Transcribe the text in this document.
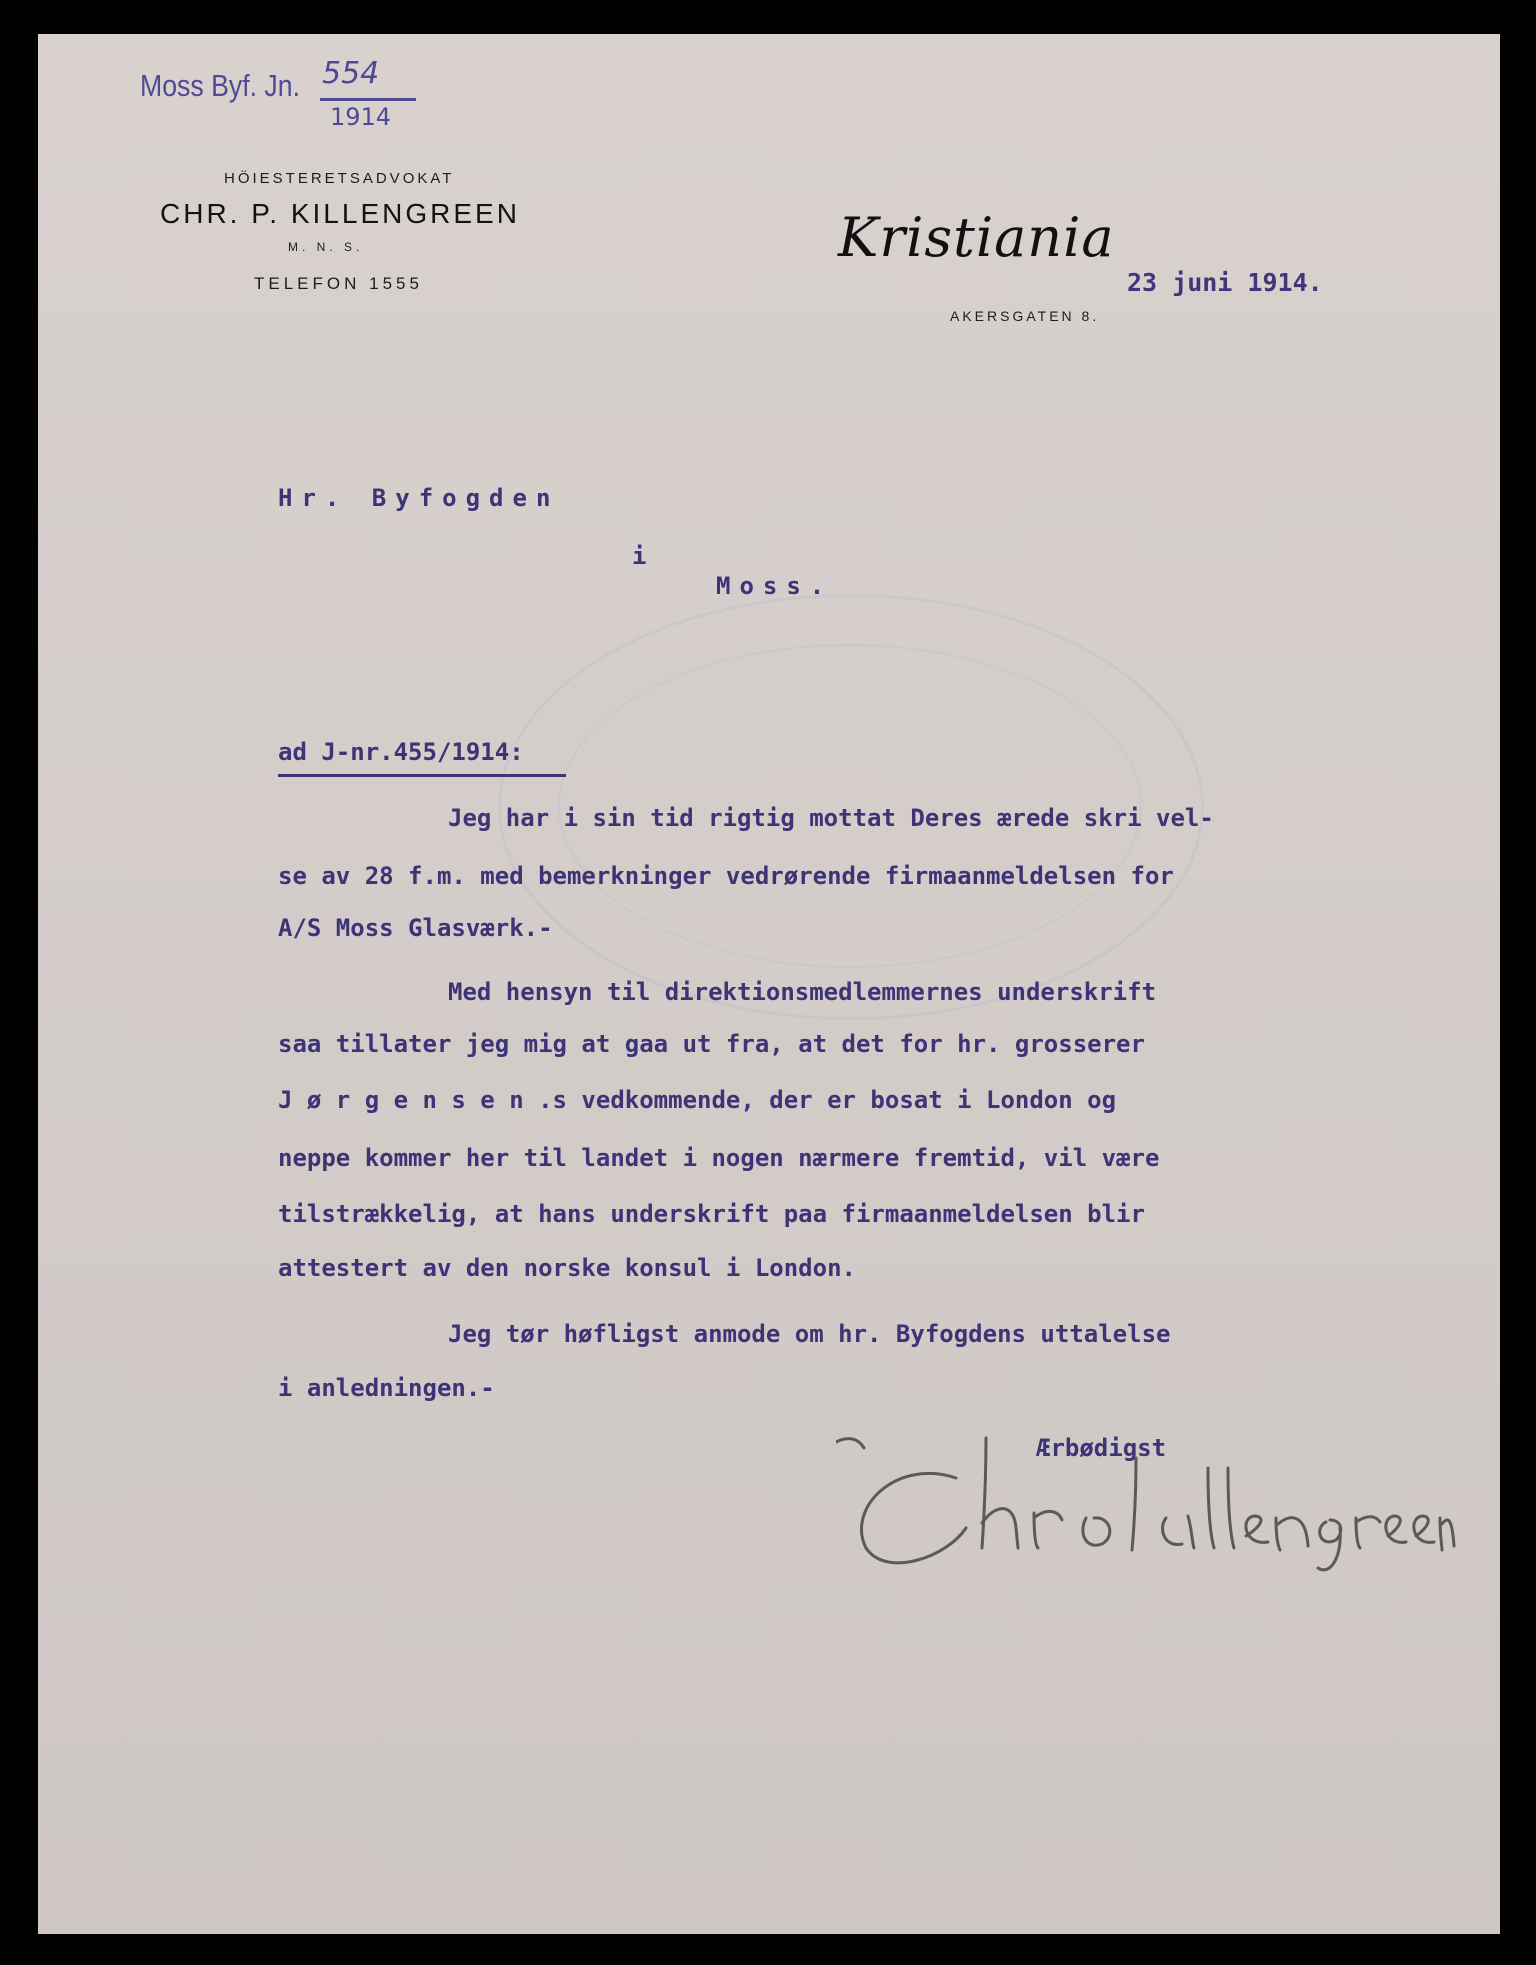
Moss Byf. Jn. 554
1914
HÖIESTERETSADVOKAT
CHR. P. KILLENGREEN
M. N. S.
TELEFON 1555
Kristiania
23 juni 1914.
AKERSGATEN 8.
Hr. Byfogden
i
Moss.
ad J-nr.455/1914:
Jeg har i sin tid rigtig mottat Deres ærede skri vel-
se av 28 f.m. med bemerkninger vedrørende firmaanmeldelsen for
A/S Moss Glasværk.-
Med hensyn til direktionsmedlemmernes underskrift
saa tillater jeg mig at gaa ut fra, at det for hr. grosserer
J ø r g e n s e n .s vedkommende, der er bosat i London og
neppe kommer her til landet i nogen nærmere fremtid, vil være
tilstrækkelig, at hans underskrift paa firmaanmeldelsen blir
attestert av den norske konsul i London.
Jeg tør høfligst anmode om hr. Byfogdens uttalelse
i anledningen.-
Ærbødigst
